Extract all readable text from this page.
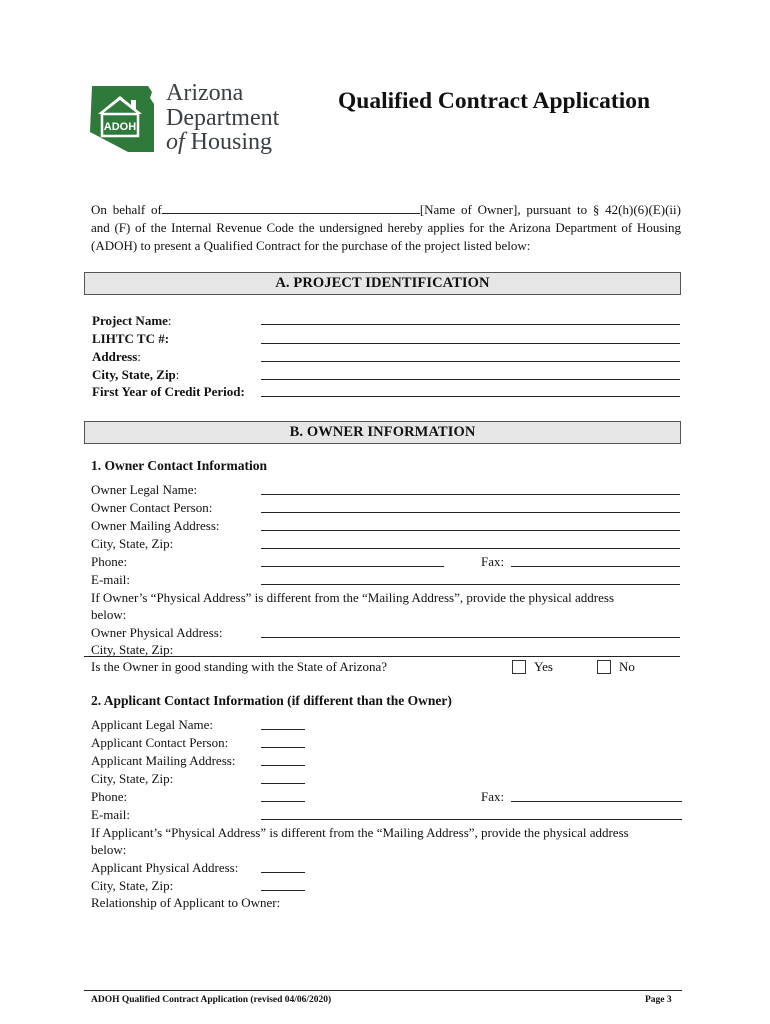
ADOH
Arizona
Department
of Housing
Qualified Contract Application
On behalf of	[Name of Owner], pursuant to § 42(h)(6)(E)(ii) and (F) of the Internal Revenue Code the undersigned hereby applies for the Arizona Department of Housing (ADOH) to present a Qualified Contract for the purchase of the project listed below:
A. PROJECT IDENTIFICATION
Project Name:
LIHTC TC #:
Address:
City, State, Zip:
First Year of Credit Period:
B. OWNER INFORMATION
1. Owner Contact Information
Owner Legal Name:
Owner Contact Person:
Owner Mailing Address:
City, State, Zip:
Phone:	Fax:
E-mail:
If Owner’s “Physical Address” is different from the “Mailing Address”, provide the physical address
below:
Owner Physical Address:
City, State, Zip:
Is the Owner in good standing with the State of Arizona?	Yes	No
2. Applicant Contact Information (if different than the Owner)
Applicant Legal Name:
Applicant Contact Person:
Applicant Mailing Address:
City, State, Zip:
Phone:	Fax:
E-mail:
If Applicant’s “Physical Address” is different from the “Mailing Address”, provide the physical address
below:
Applicant Physical Address:
City, State, Zip:
Relationship of Applicant to Owner:
ADOH Qualified Contract Application (revised 04/06/2020)	Page 3
